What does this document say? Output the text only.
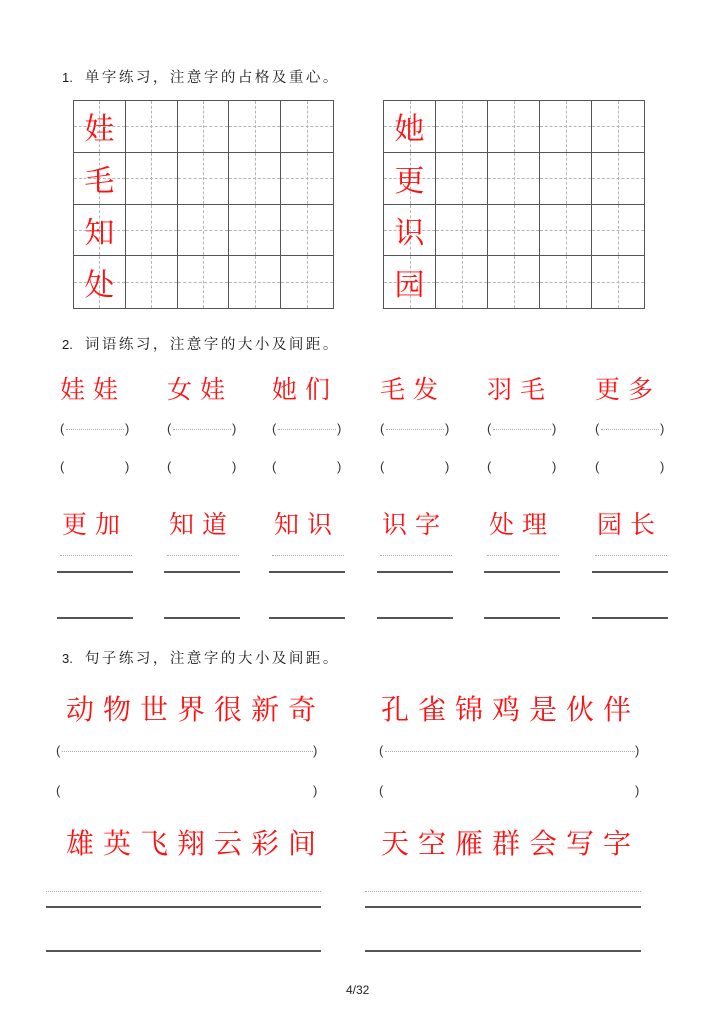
1. 单字练习，注意字的占格及重心。
娃
毛
知
处
她
更
识
园
2. 词语练习，注意字的大小及间距。
娃娃
(	)
(	)
更加
女娃
(	)
(	)
知道
她们
(	)
(	)
知识
毛发
(	)
(	)
识字
羽毛
(	)
(	)
处理
更多
(	)
(	)
园长
3. 句子练习，注意字的大小及间距。
动物世界很新奇 孔雀锦鸡是伙伴
(	)
(	)
(	)
(	)
雄英飞翔云彩间 天空雁群会写字
4/32
